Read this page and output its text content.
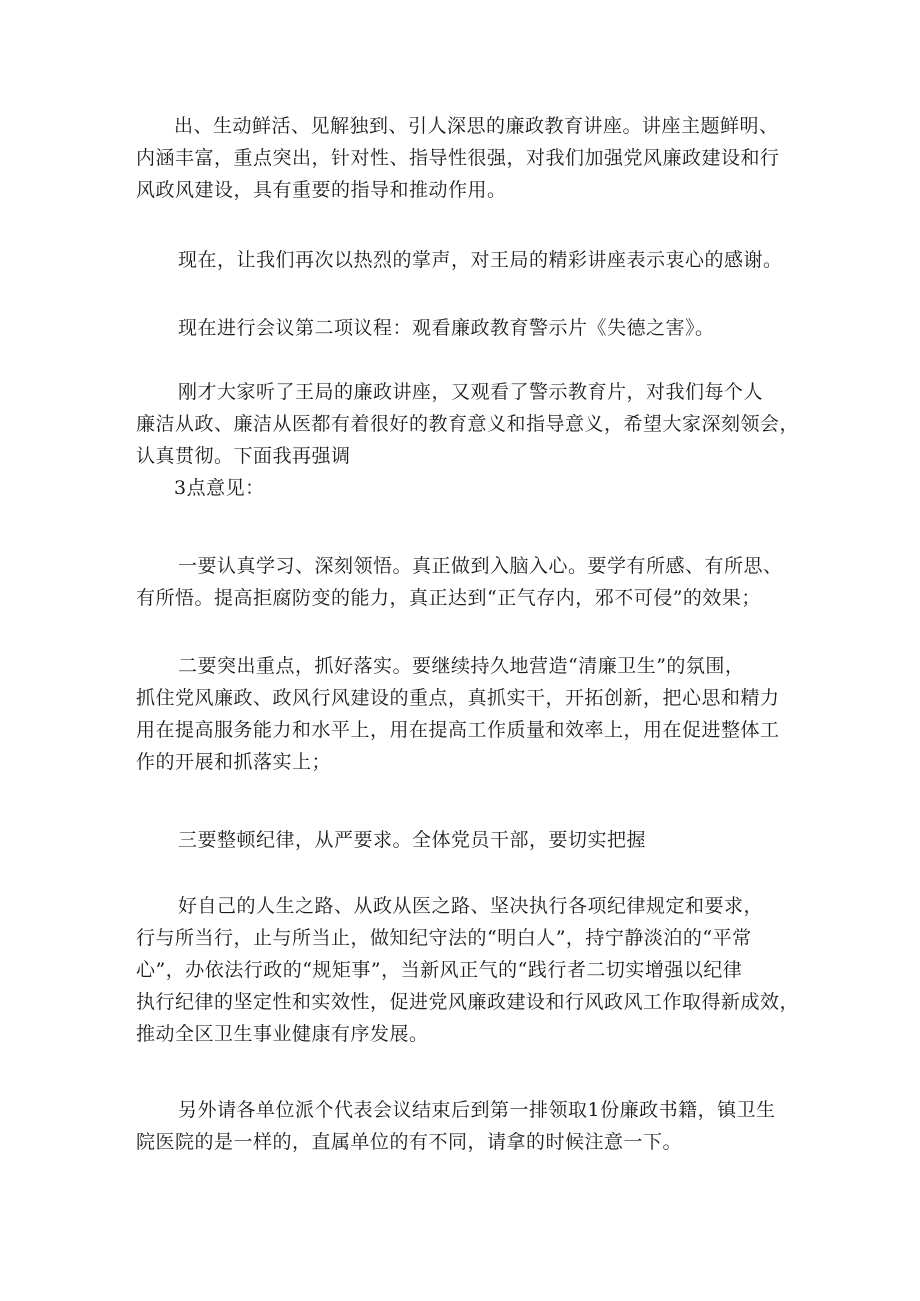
出、生动鲜活、见解独到、引人深思的廉政教育讲座。讲座主题鲜明、
内涵丰富，重点突出，针对性、指导性很强，对我们加强党风廉政建设和行
风政风建设，具有重要的指导和推动作用。

现在，让我们再次以热烈的掌声，对王局的精彩讲座表示衷心的感谢。

现在进行会议第二项议程：观看廉政教育警示片《失德之害》。

刚才大家听了王局的廉政讲座，又观看了警示教育片，对我们每个人
廉洁从政、廉洁从医都有着很好的教育意义和指导意义，希望大家深刻领会，
认真贯彻。下面我再强调
3点意见：

一要认真学习、深刻领悟。真正做到入脑入心。要学有所感、有所思、
有所悟。提高拒腐防变的能力，真正达到“正气存内，邪不可侵”的效果；

二要突出重点，抓好落实。要继续持久地营造“清廉卫生”的氛围，
抓住党风廉政、政风行风建设的重点，真抓实干，开拓创新，把心思和精力
用在提高服务能力和水平上，用在提高工作质量和效率上，用在促进整体工
作的开展和抓落实上；

三要整顿纪律，从严要求。全体党员干部，要切实把握

好自己的人生之路、从政从医之路、坚决执行各项纪律规定和要求，
行与所当行，止与所当止，做知纪守法的“明白人”，持宁静淡泊的“平常
心”，办依法行政的“规矩事”，当新风正气的“践行者二切实增强以纪律
执行纪律的坚定性和实效性，促进党风廉政建设和行风政风工作取得新成效，
推动全区卫生事业健康有序发展。

另外请各单位派个代表会议结束后到第一排领取1份廉政书籍，镇卫生
院医院的是一样的，直属单位的有不同，请拿的时候注意一下。
